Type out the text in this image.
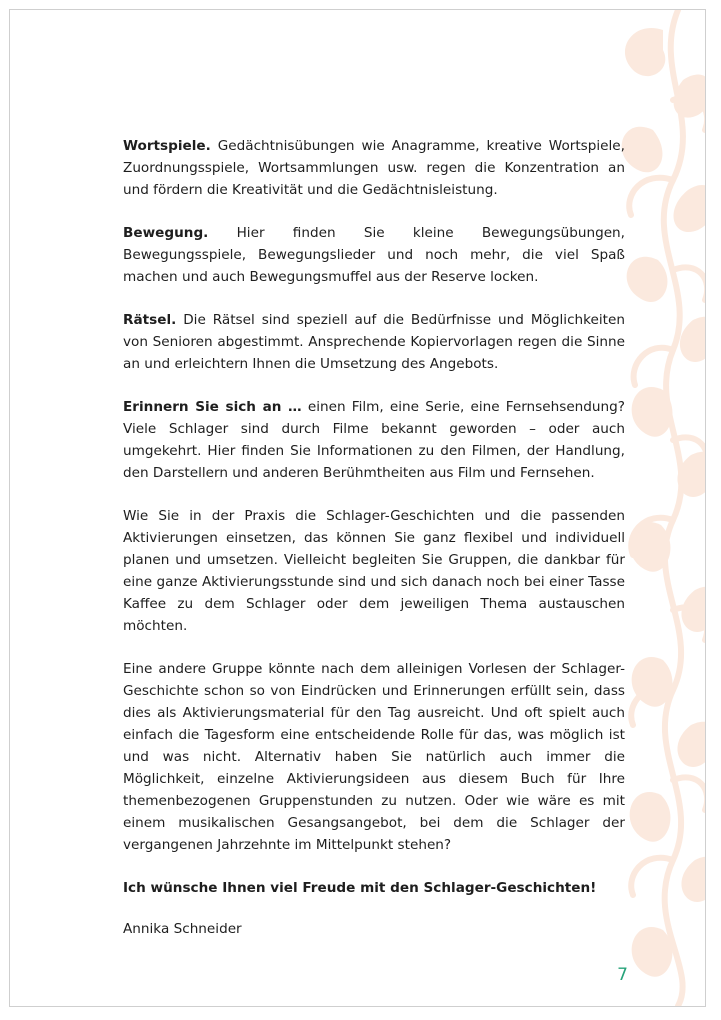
Wortspiele. Gedächtnisübungen wie Anagramme, kreative Wortspiele, Zuordnungsspiele, Wortsammlungen usw. regen die Konzentration an und fördern die Kreativität und die Gedächtnisleistung.

Bewegung. Hier finden Sie kleine Bewegungsübungen, Bewegungsspiele, Bewegungslieder und noch mehr, die viel Spaß machen und auch Bewegungsmuffel aus der Reserve locken.

Rätsel. Die Rätsel sind speziell auf die Bedürfnisse und Möglichkeiten von Senioren abgestimmt. Ansprechende Kopiervorlagen regen die Sinne an und erleichtern Ihnen die Umsetzung des Angebots.

Erinnern Sie sich an … einen Film, eine Serie, eine Fernsehsendung? Viele Schlager sind durch Filme bekannt geworden – oder auch umgekehrt. Hier finden Sie Informationen zu den Filmen, der Handlung, den Darstellern und anderen Berühmtheiten aus Film und Fernsehen.

Wie Sie in der Praxis die Schlager-Geschichten und die passenden Aktivierungen einsetzen, das können Sie ganz flexibel und individuell planen und umsetzen. Vielleicht begleiten Sie Gruppen, die dankbar für eine ganze Aktivierungsstunde sind und sich danach noch bei einer Tasse Kaffee zu dem Schlager oder dem jeweiligen Thema austauschen möchten.

Eine andere Gruppe könnte nach dem alleinigen Vorlesen der Schlager-Geschichte schon so von Eindrücken und Erinnerungen erfüllt sein, dass dies als Aktivierungsmaterial für den Tag ausreicht. Und oft spielt auch einfach die Tagesform eine entscheidende Rolle für das, was möglich ist und was nicht. Alternativ haben Sie natürlich auch immer die Möglichkeit, einzelne Aktivierungsideen aus diesem Buch für Ihre themenbezogenen Gruppenstunden zu nutzen. Oder wie wäre es mit einem musikalischen Gesangsangebot, bei dem die Schlager der vergangenen Jahrzehnte im Mittelpunkt stehen?

Ich wünsche Ihnen viel Freude mit den Schlager-Geschichten!

Annika Schneider

7
